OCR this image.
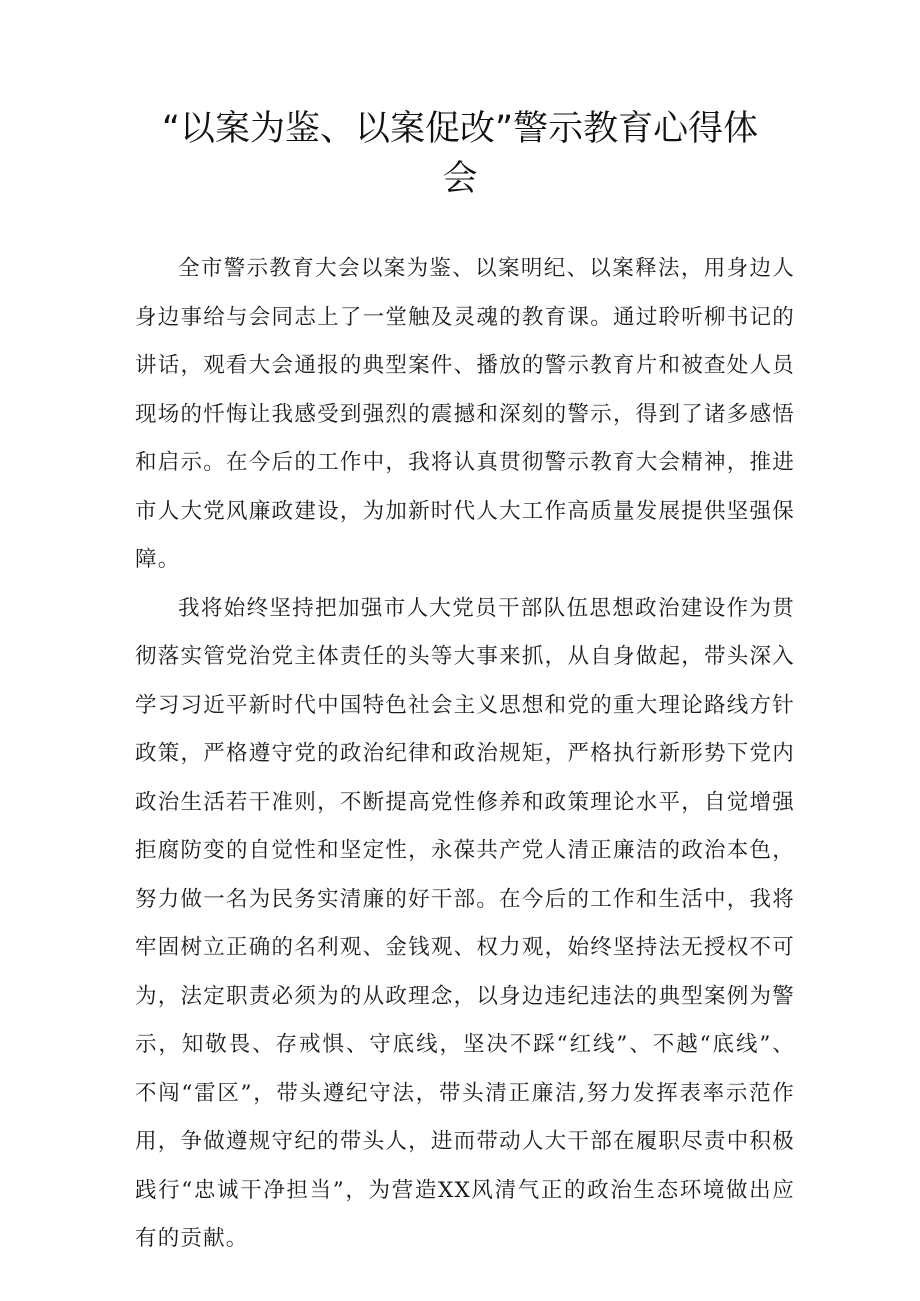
“以案为鉴、以案促改”警示教育心得体会

全市警示教育大会以案为鉴、以案明纪、以案释法，用身边人身边事给与会同志上了一堂触及灵魂的教育课。通过聆听柳书记的讲话，观看大会通报的典型案件、播放的警示教育片和被查处人员现场的忏悔让我感受到强烈的震撼和深刻的警示，得到了诸多感悟和启示。在今后的工作中，我将认真贯彻警示教育大会精神，推进市人大党风廉政建设，为加新时代人大工作高质量发展提供坚强保障。

我将始终坚持把加强市人大党员干部队伍思想政治建设作为贯彻落实管党治党主体责任的头等大事来抓，从自身做起，带头深入学习习近平新时代中国特色社会主义思想和党的重大理论路线方针政策，严格遵守党的政治纪律和政治规矩，严格执行新形势下党内政治生活若干准则，不断提高党性修养和政策理论水平，自觉增强拒腐防变的自觉性和坚定性，永葆共产党人清正廉洁的政治本色，努力做一名为民务实清廉的好干部。在今后的工作和生活中，我将牢固树立正确的名利观、金钱观、权力观，始终坚持法无授权不可为，法定职责必须为的从政理念，以身边违纪违法的典型案例为警示，知敬畏、存戒惧、守底线，坚决不踩“红线”、不越“底线”、不闯“雷区”，带头遵纪守法，带头清正廉洁,努力发挥表率示范作用，争做遵规守纪的带头人，进而带动人大干部在履职尽责中积极践行“忠诚干净担当”，为营造XX风清气正的政治生态环境做出应有的贡献。
